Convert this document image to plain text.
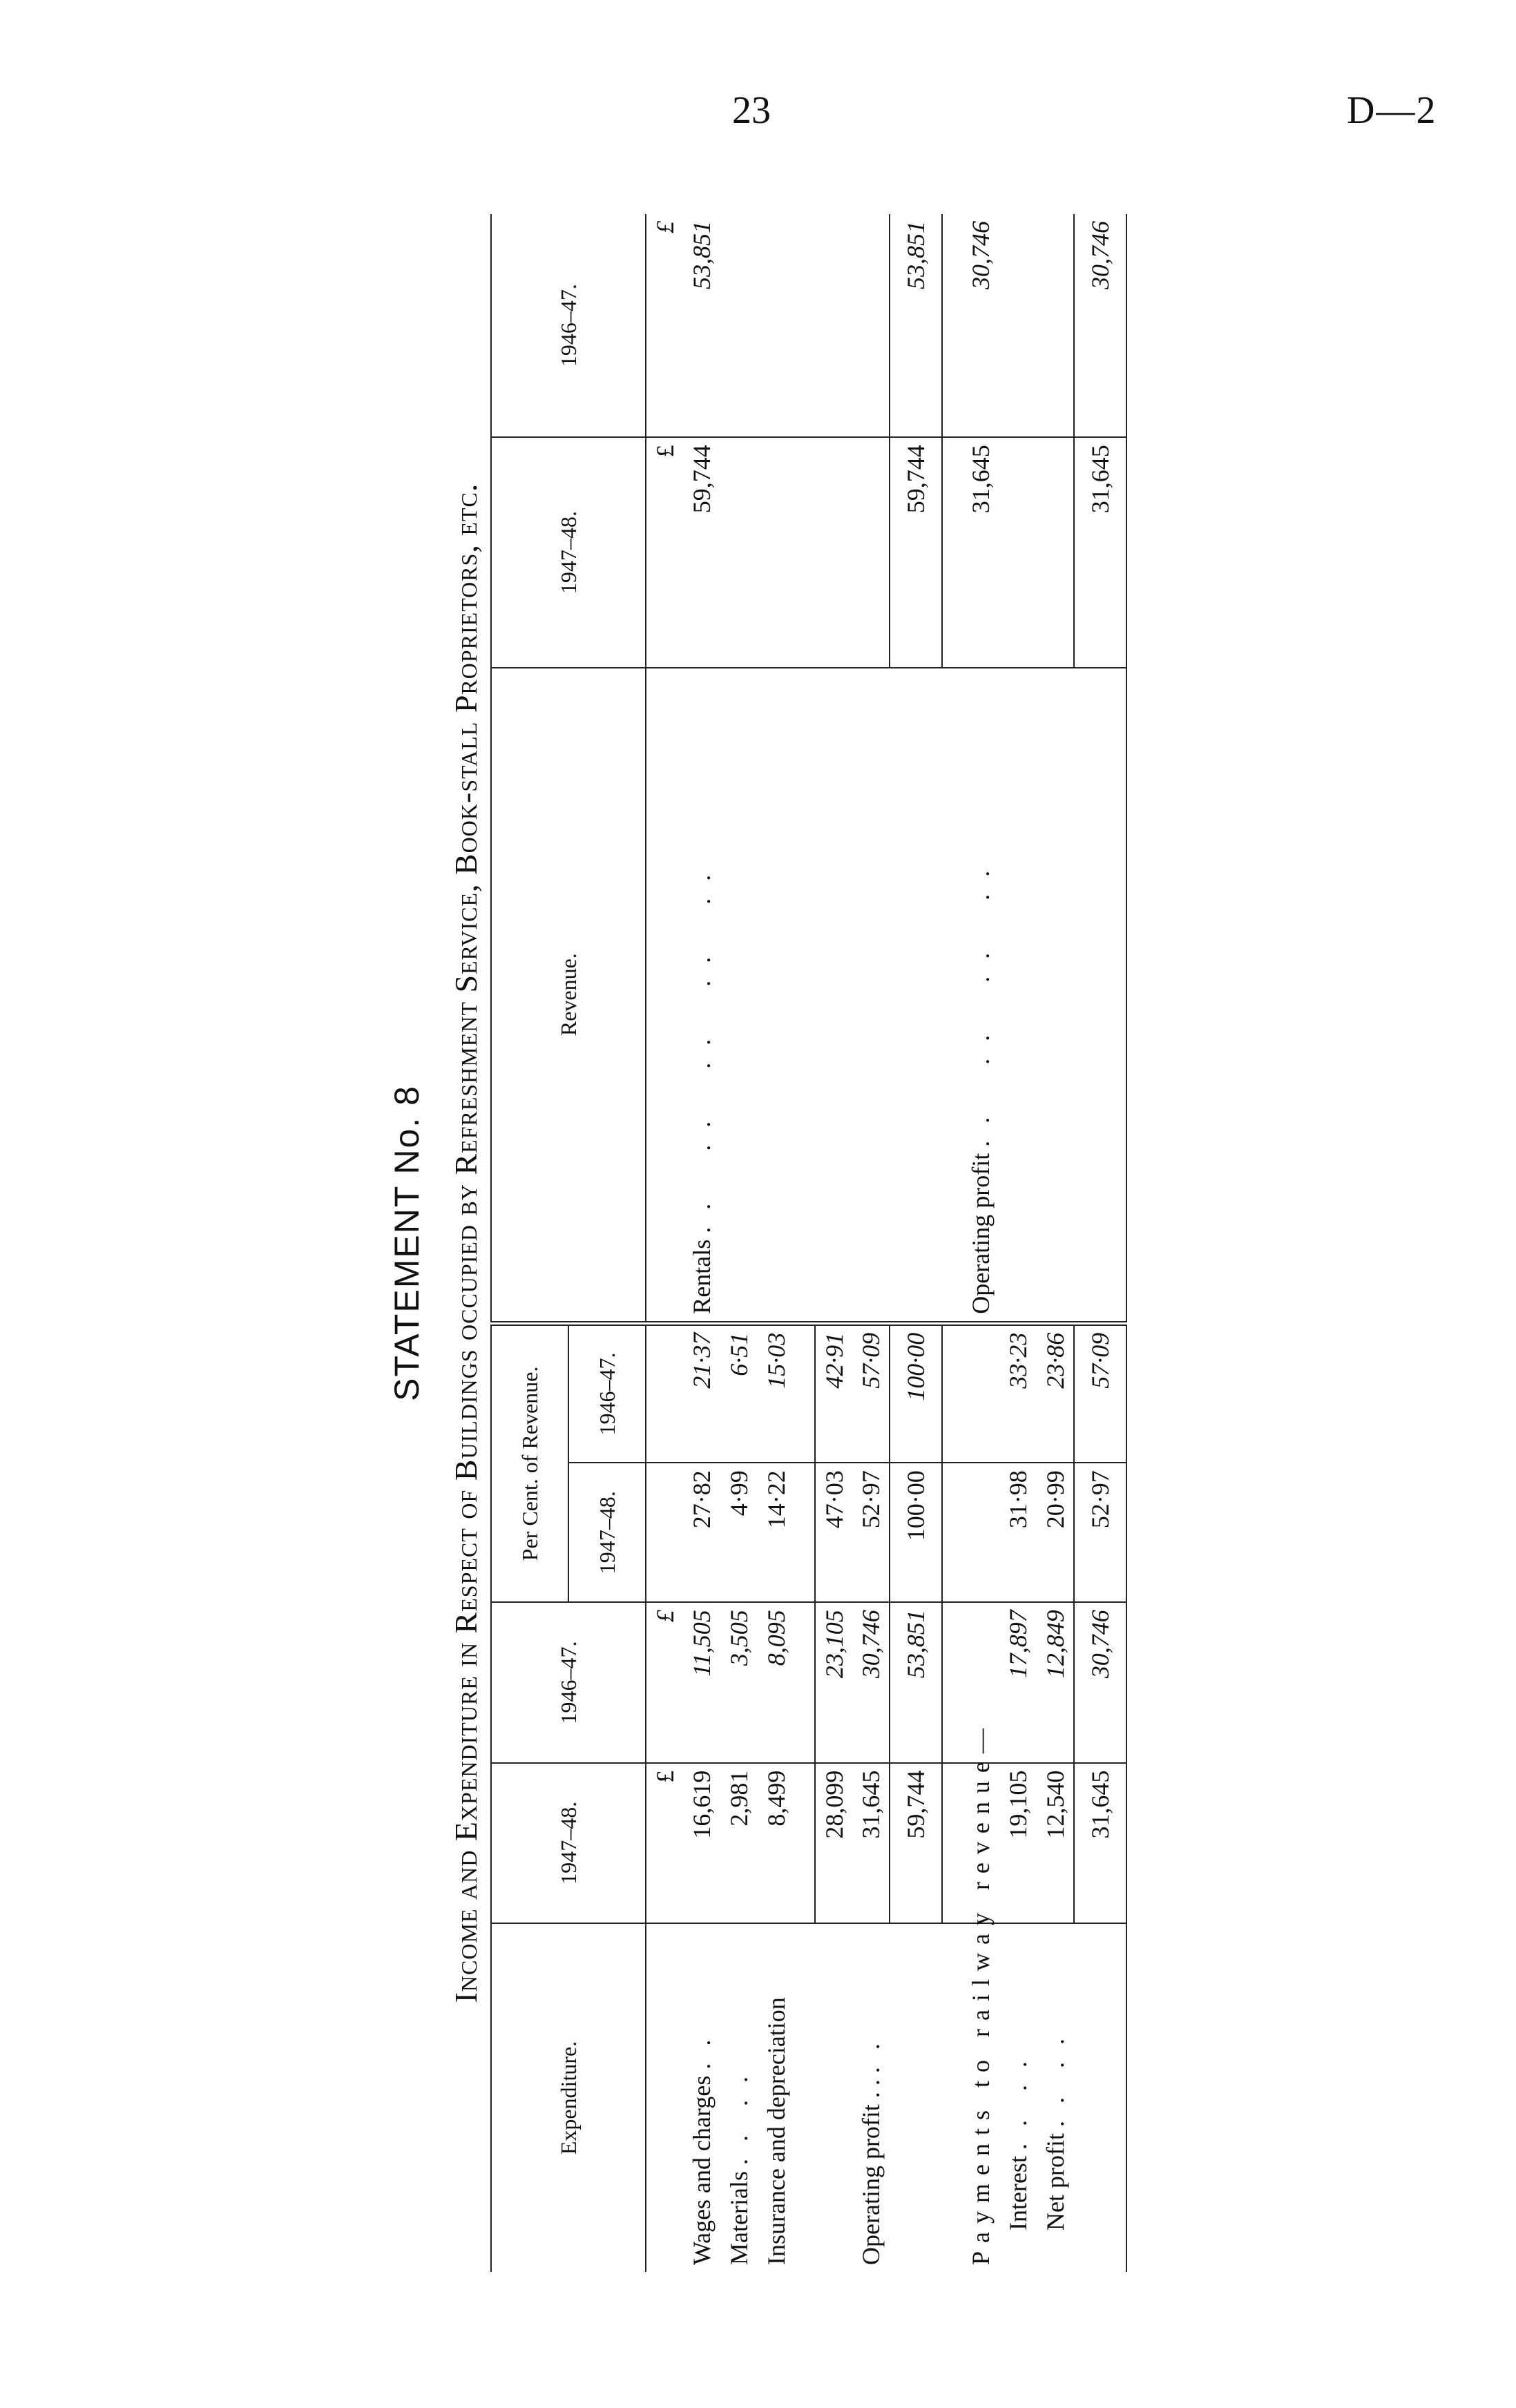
23	D—2
STATEMENT No. 8 Income and Expenditure in Respect of Buildings occupied by Refreshment Service, Book-stall Proprietors, etc.
Expenditure.	1947–48.	1946–47.	Per Cent. of Revenue.		Revenue.	1947–48.	1946–47.
			1947–48.	1946–47.			
	£	£				£	£
Wages and charges . .	16,619	11,505	27·82	21·37	Rentals . .    . .    . .    . .    . .	59,744	53,851
Materials . .  . .	2,981	3,505	4·99	6·51			
Insurance and depreciation	8,499	8,095	14·22	15·03			

	28,099	23,105	47·03	42·91			
Operating profit . . . .	31,645	30,746	52·97	57·09			
	59,744	53,851	100·00	100·00		59,744	53,851

Payments to railway revenue—					Operating profit . .    . .    . .    . .	31,645	30,746
Interest . .  . .	19,105	17,897	31·98	33·23			
Net profit . .  . .	12,540	12,849	20·99	23·86			
	31,645	30,746	52·97	57·09		31,645	30,746
